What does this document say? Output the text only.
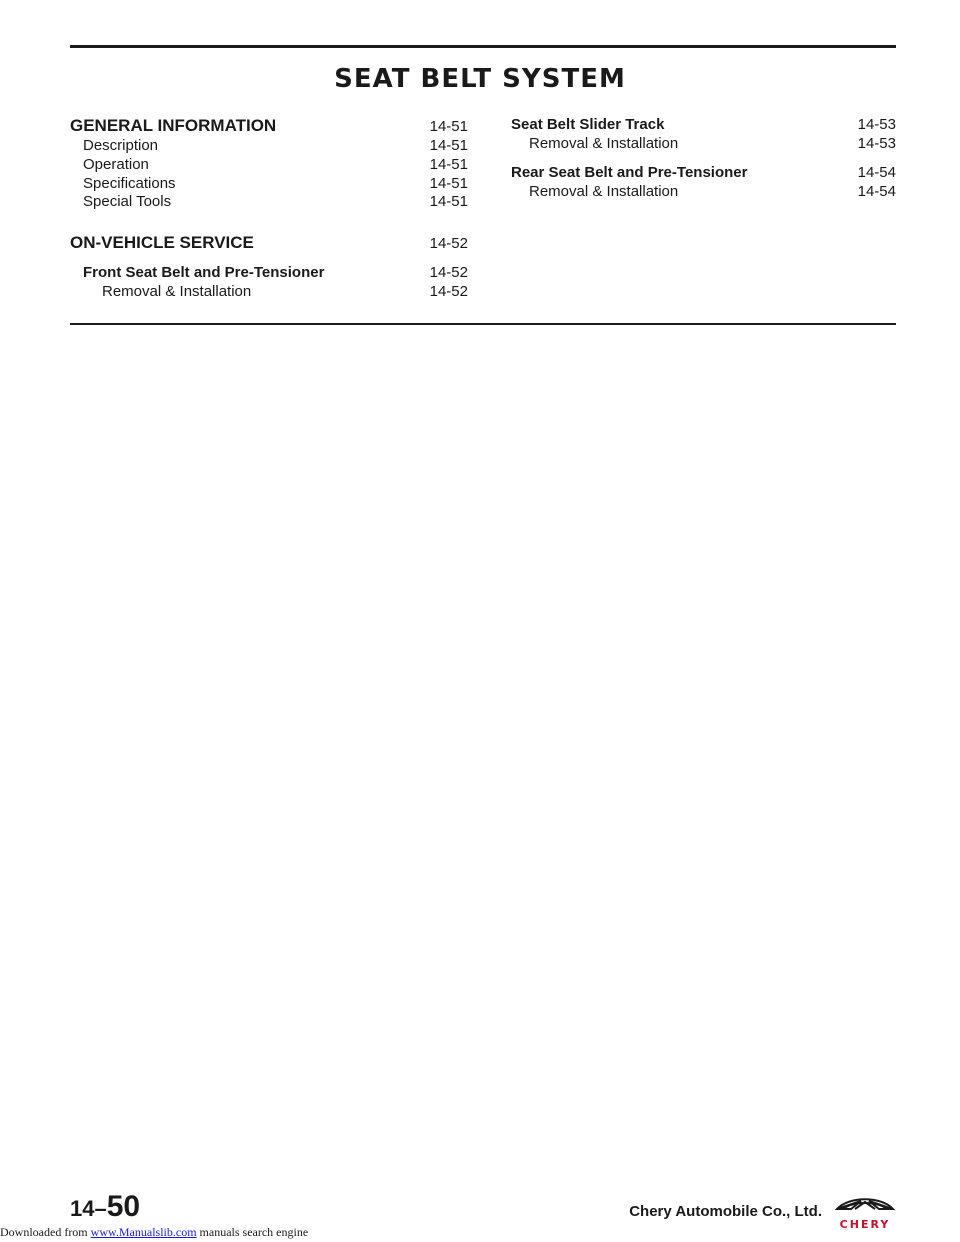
SEAT BELT SYSTEM
GENERAL INFORMATION	14-51
Description	14-51
Operation	14-51
Specifications	14-51
Special Tools	14-51
ON-VEHICLE SERVICE	14-52
Front Seat Belt and Pre-Tensioner	14-52
Removal & Installation	14-52
Seat Belt Slider Track	14-53
Removal & Installation	14-53
Rear Seat Belt and Pre-Tensioner	14-54
Removal & Installation	14-54
14–50	Chery Automobile Co., Ltd.
CHERY
Downloaded from www.Manualslib.com manuals search engine
